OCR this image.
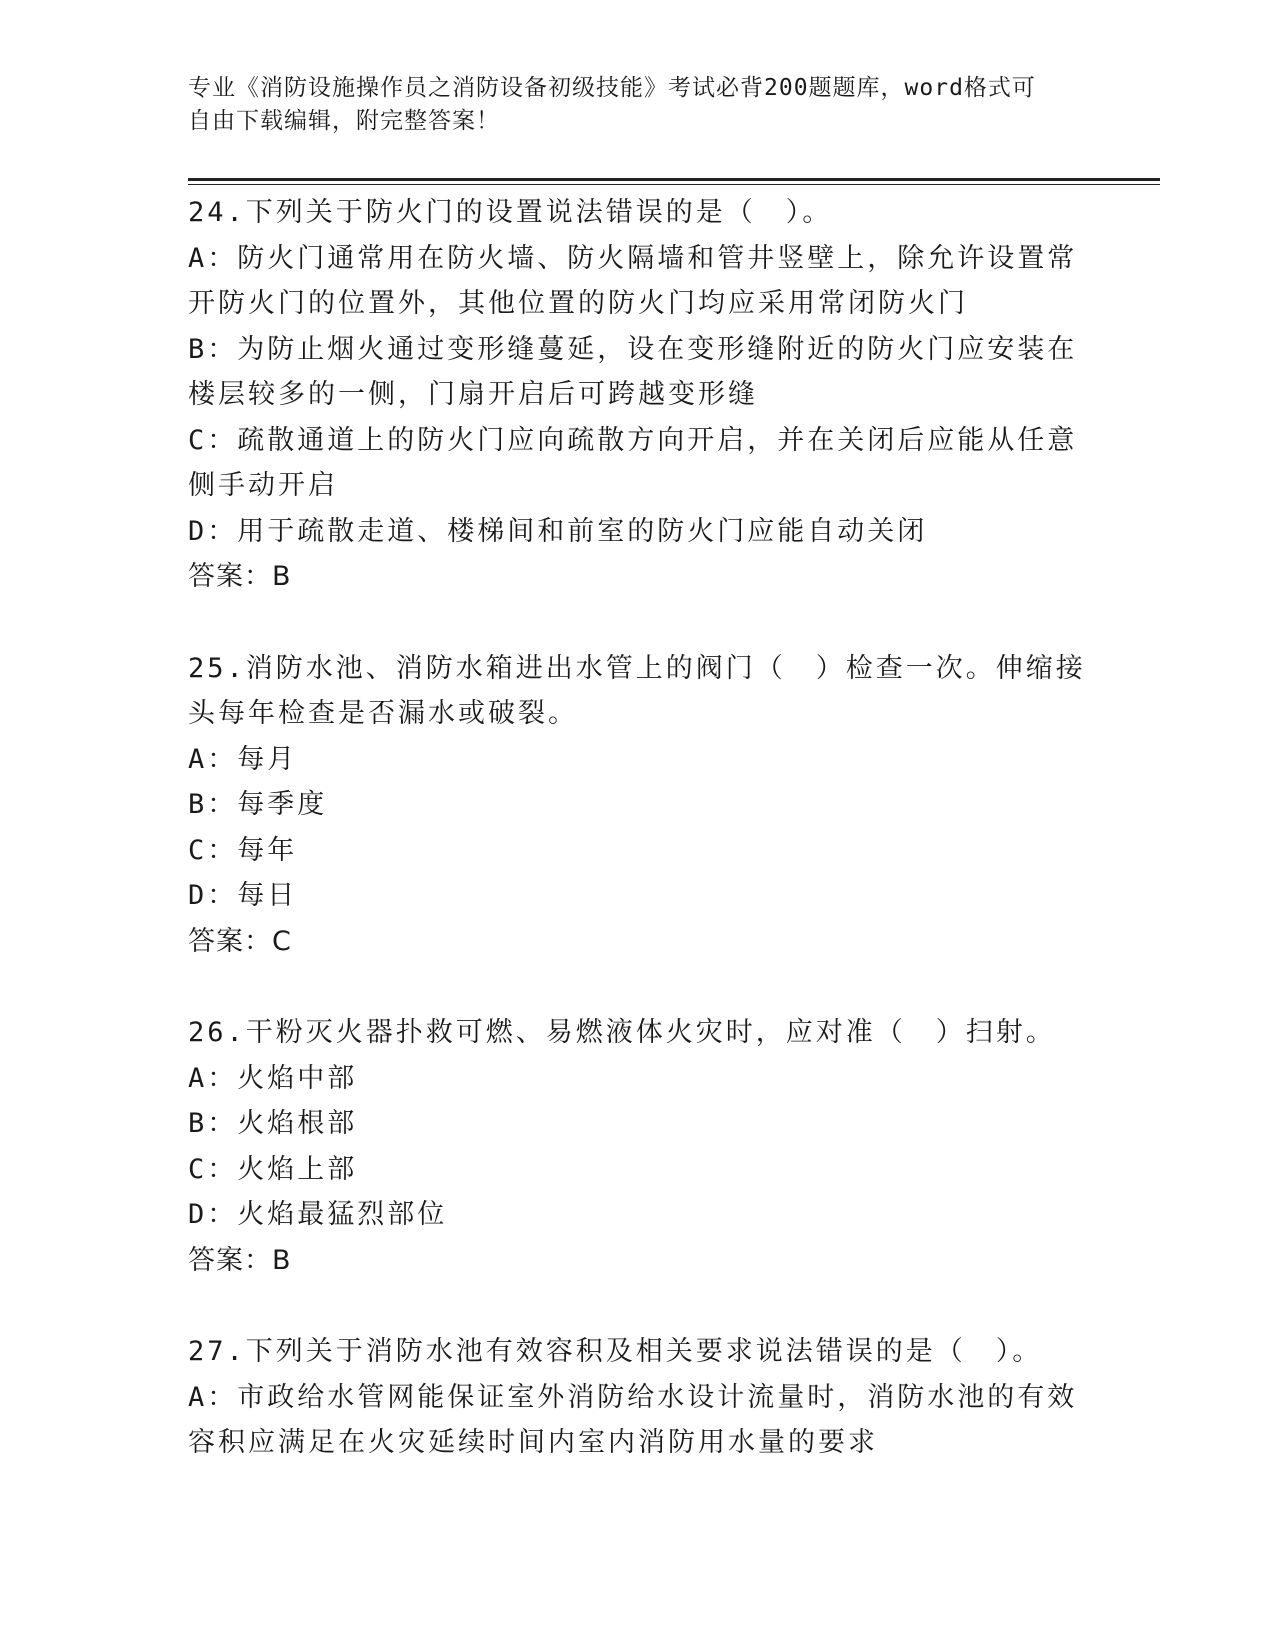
专业《消防设施操作员之消防设备初级技能》考试必背200题题库，word格式可
自由下载编辑，附完整答案！
24.下列关于防火门的设置说法错误的是（　）。
A：防火门通常用在防火墙、防火隔墙和管井竖壁上，除允许设置常开防火门的位置外，其他位置的防火门均应采用常闭防火门
B：为防止烟火通过变形缝蔓延，设在变形缝附近的防火门应安装在楼层较多的一侧，门扇开启后可跨越变形缝
C：疏散通道上的防火门应向疏散方向开启，并在关闭后应能从任意侧手动开启
D：用于疏散走道、楼梯间和前室的防火门应能自动关闭
答案：B
25.消防水池、消防水箱进出水管上的阀门（　）检查一次。伸缩接头每年检查是否漏水或破裂。
A：每月
B：每季度
C：每年
D：每日
答案：C
26.干粉灭火器扑救可燃、易燃液体火灾时，应对准（　）扫射。
A：火焰中部
B：火焰根部
C：火焰上部
D：火焰最猛烈部位
答案：B
27.下列关于消防水池有效容积及相关要求说法错误的是（　）。
A：市政给水管网能保证室外消防给水设计流量时，消防水池的有效容积应满足在火灾延续时间内室内消防用水量的要求
